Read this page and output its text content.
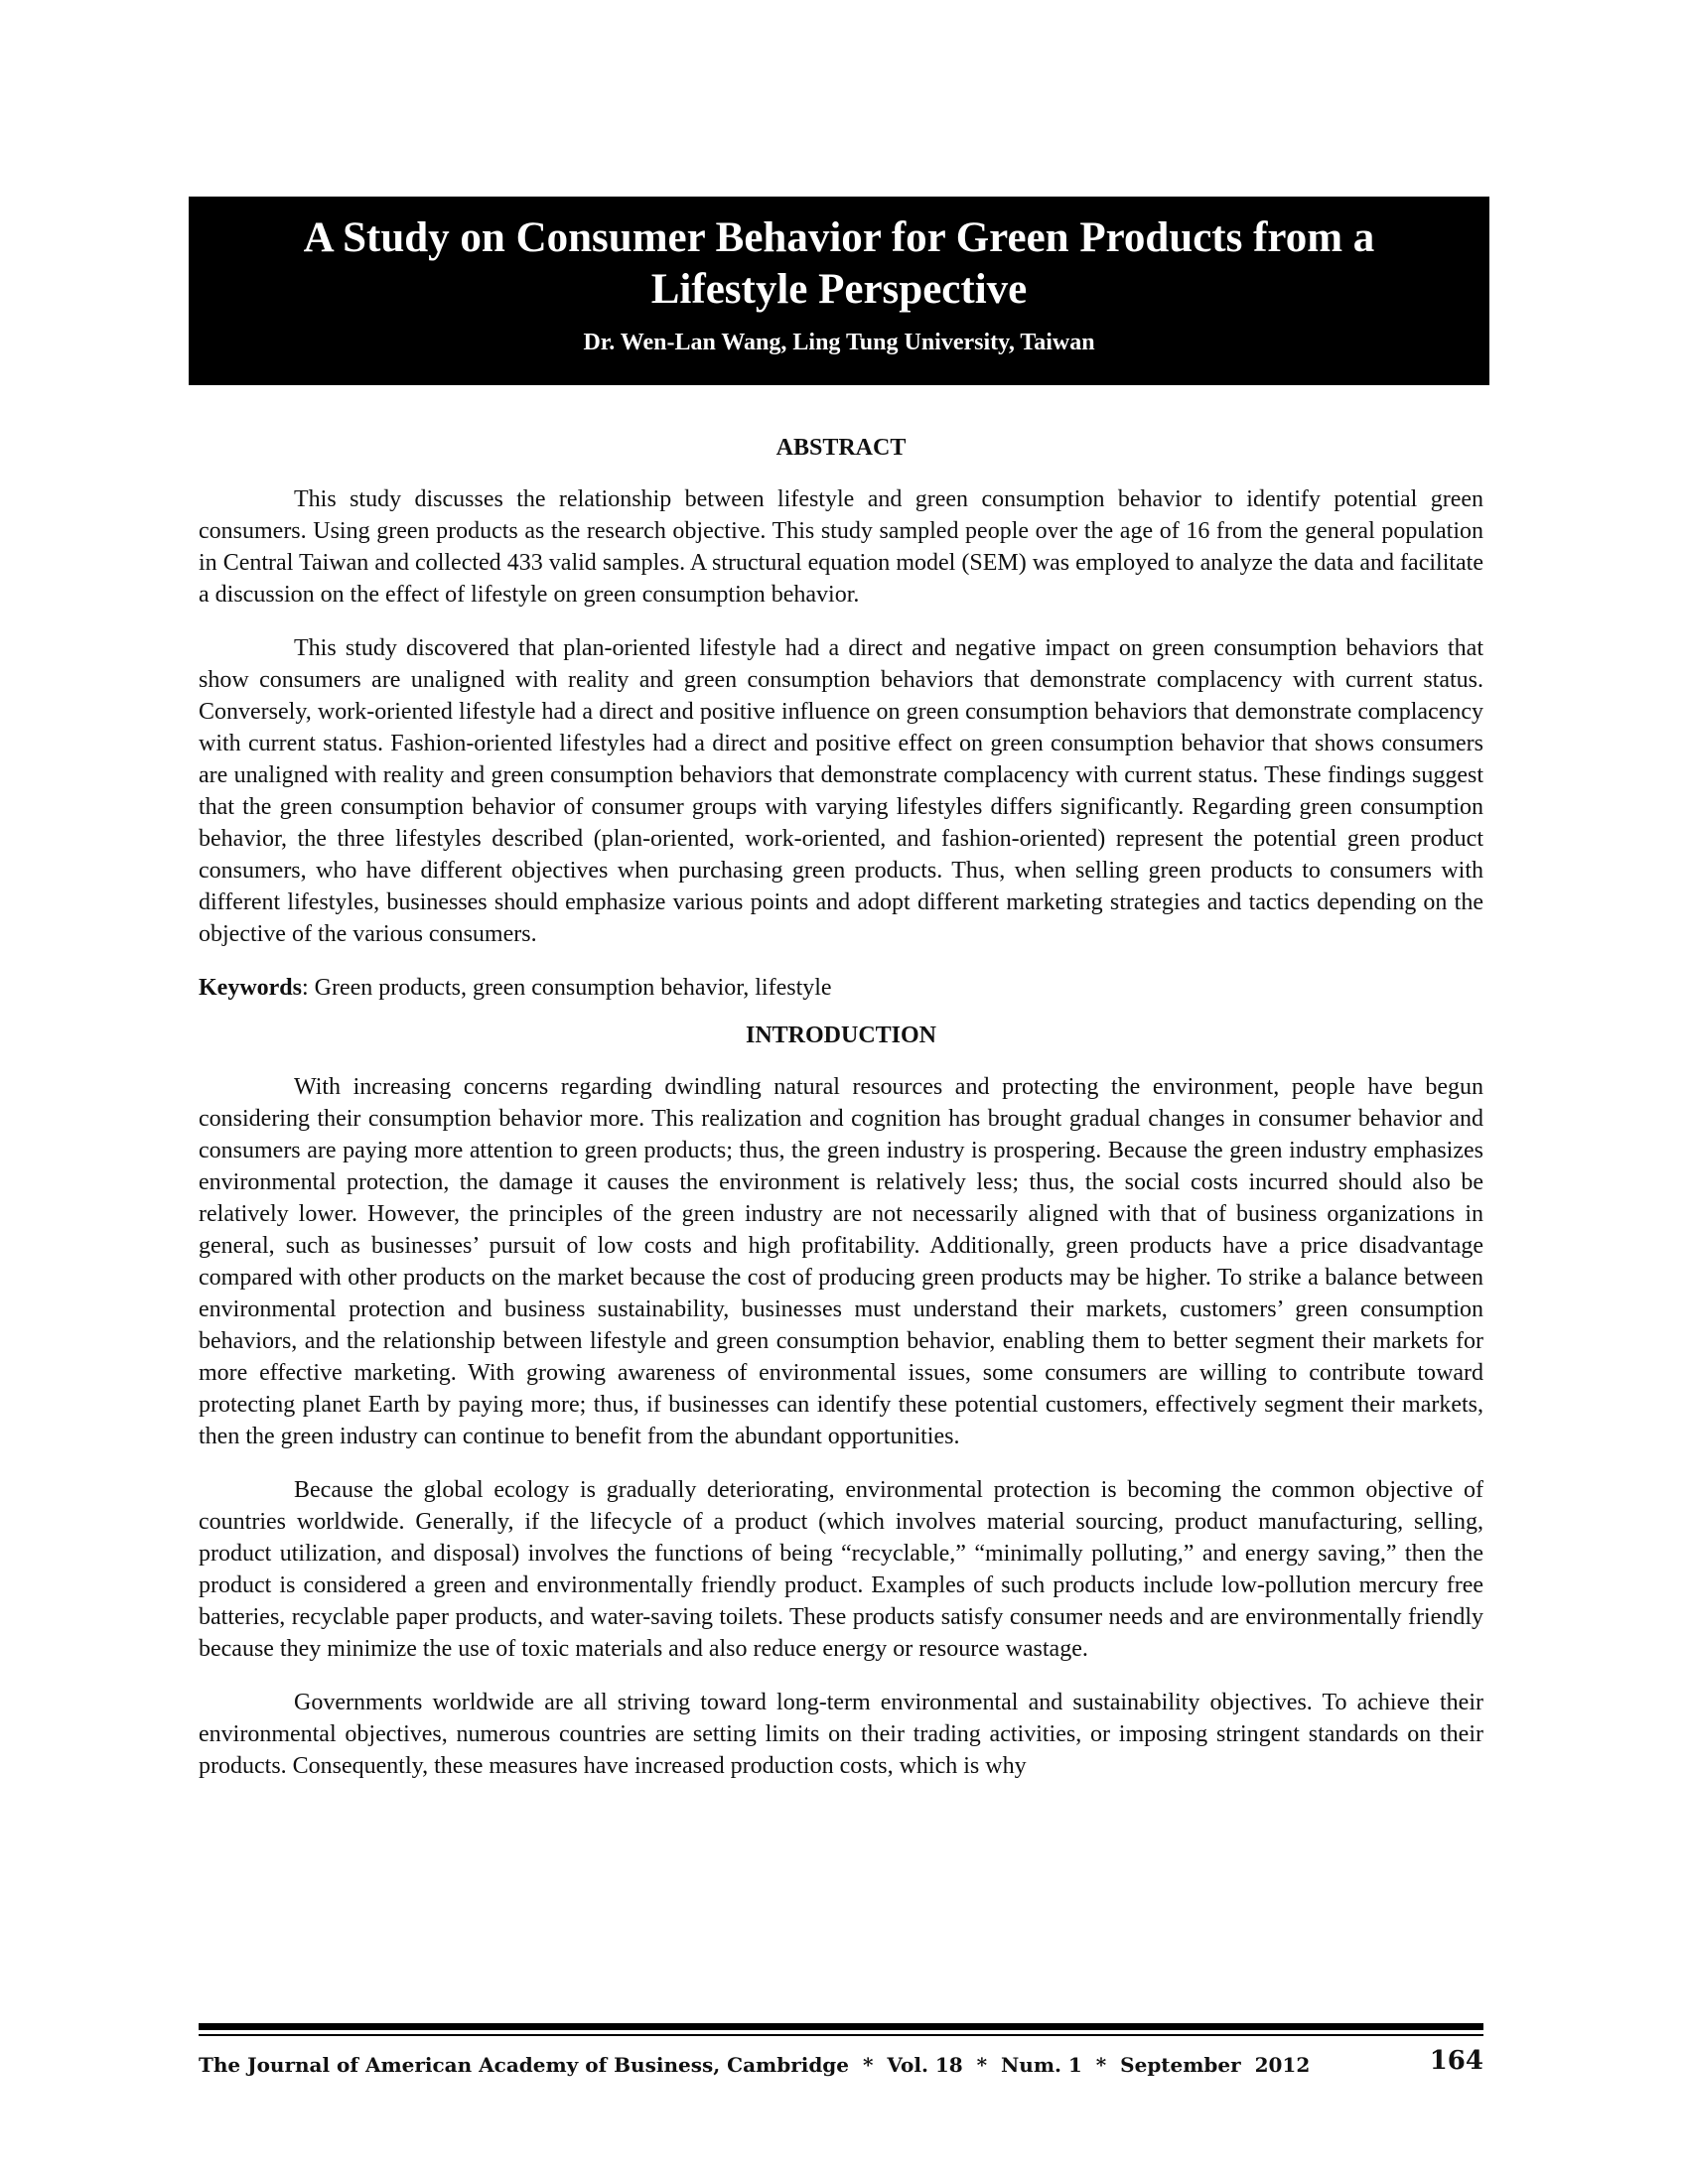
A Study on Consumer Behavior for Green Products from a Lifestyle Perspective
Dr. Wen-Lan Wang, Ling Tung University, Taiwan
ABSTRACT

This study discusses the relationship between lifestyle and green consumption behavior to identify potential green consumers. Using green products as the research objective. This study sampled people over the age of 16 from the general population in Central Taiwan and collected 433 valid samples. A structural equation model (SEM) was employed to analyze the data and facilitate a discussion on the effect of lifestyle on green consumption behavior.

This study discovered that plan-oriented lifestyle had a direct and negative impact on green consumption behaviors that show consumers are unaligned with reality and green consumption behaviors that demonstrate complacency with current status. Conversely, work-oriented lifestyle had a direct and positive influence on green consumption behaviors that demonstrate complacency with current status. Fashion-oriented lifestyles had a direct and positive effect on green consumption behavior that shows consumers are unaligned with reality and green consumption behaviors that demonstrate complacency with current status. These findings suggest that the green consumption behavior of consumer groups with varying lifestyles differs significantly. Regarding green consumption behavior, the three lifestyles described (plan-oriented, work-oriented, and fashion-oriented) represent the potential green product consumers, who have different objectives when purchasing green products. Thus, when selling green products to consumers with different lifestyles, businesses should emphasize various points and adopt different marketing strategies and tactics depending on the objective of the various consumers.

Keywords: Green products, green consumption behavior, lifestyle

INTRODUCTION

With increasing concerns regarding dwindling natural resources and protecting the environment, people have begun considering their consumption behavior more. This realization and cognition has brought gradual changes in consumer behavior and consumers are paying more attention to green products; thus, the green industry is prospering. Because the green industry emphasizes environmental protection, the damage it causes the environment is relatively less; thus, the social costs incurred should also be relatively lower. However, the principles of the green industry are not necessarily aligned with that of business organizations in general, such as businesses’ pursuit of low costs and high profitability. Additionally, green products have a price disadvantage compared with other products on the market because the cost of producing green products may be higher. To strike a balance between environmental protection and business sustainability, businesses must understand their markets, customers’ green consumption behaviors, and the relationship between lifestyle and green consumption behavior, enabling them to better segment their markets for more effective marketing. With growing awareness of environmental issues, some consumers are willing to contribute toward protecting planet Earth by paying more; thus, if businesses can identify these potential customers, effectively segment their markets, then the green industry can continue to benefit from the abundant opportunities.

Because the global ecology is gradually deteriorating, environmental protection is becoming the common objective of countries worldwide. Generally, if the lifecycle of a product (which involves material sourcing, product manufacturing, selling, product utilization, and disposal) involves the functions of being “recyclable,” “minimally polluting,” and energy saving,” then the product is considered a green and environmentally friendly product. Examples of such products include low-pollution mercury free batteries, recyclable paper products, and water-saving toilets. These products satisfy consumer needs and are environmentally friendly because they minimize the use of toxic materials and also reduce energy or resource wastage.

Governments worldwide are all striving toward long-term environmental and sustainability objectives. To achieve their environmental objectives, numerous countries are setting limits on their trading activities, or imposing stringent standards on their products. Consequently, these measures have increased production costs, which is why

The Journal of American Academy of Business, Cambridge  *  Vol. 18  *  Num. 1  *  September  2012	164
